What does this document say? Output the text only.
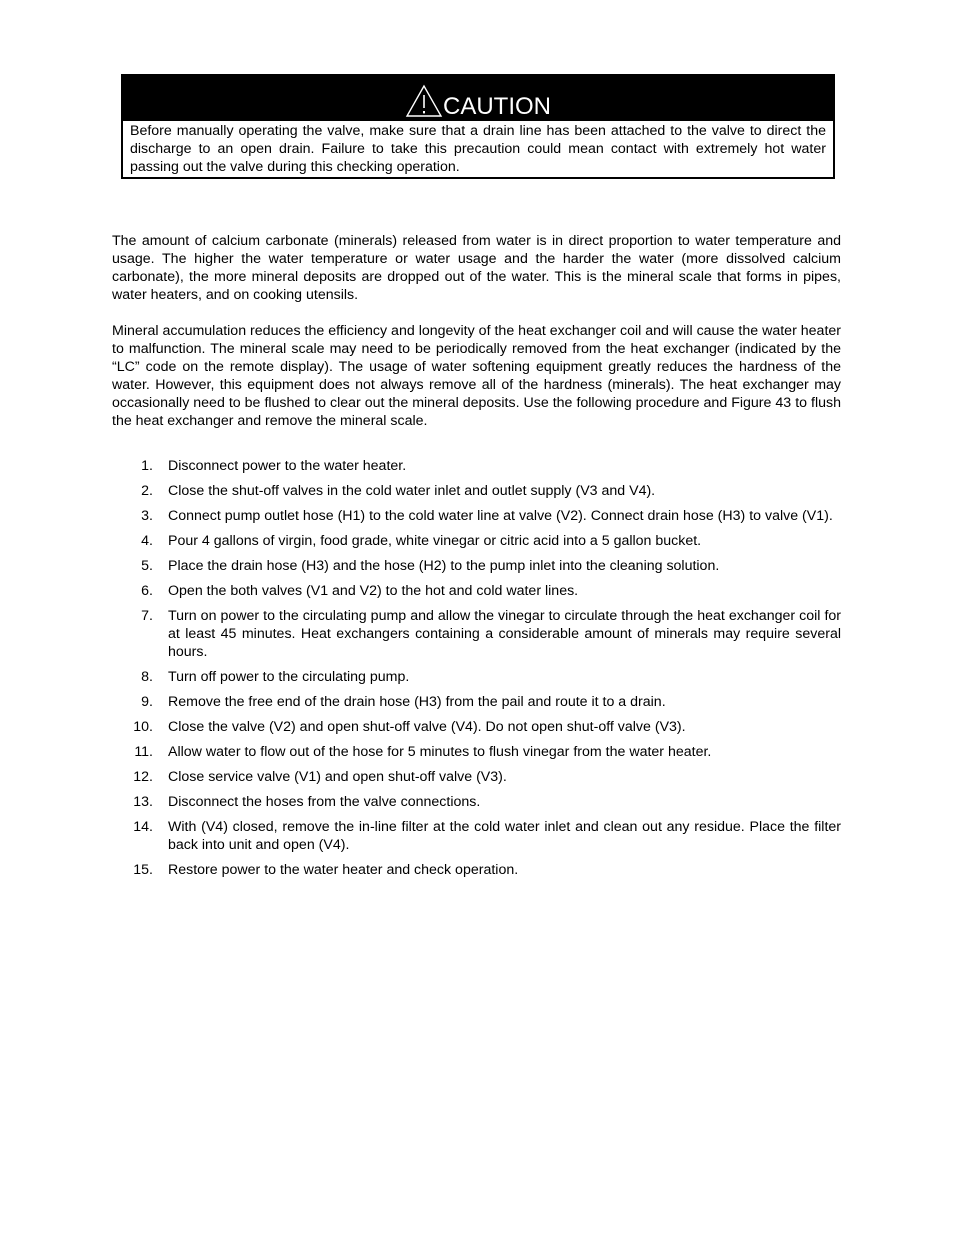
CAUTION
Before manually operating the valve, make sure that a drain line has been attached to the valve to direct the discharge to an open drain. Failure to take this precaution could mean contact with extremely hot water passing out the valve during this checking operation.

The amount of calcium carbonate (minerals) released from water is in direct proportion to water temperature and usage. The higher the water temperature or water usage and the harder the water (more dissolved calcium carbonate), the more mineral deposits are dropped out of the water. This is the mineral scale that forms in pipes, water heaters, and on cooking utensils.

Mineral accumulation reduces the efficiency and longevity of the heat exchanger coil and will cause the water heater to malfunction. The mineral scale may need to be periodically removed from the heat exchanger (indicated by the “LC” code on the remote display). The usage of water softening equipment greatly reduces the hardness of the water. However, this equipment does not always remove all of the hardness (minerals). The heat exchanger may occasionally need to be flushed to clear out the mineral deposits. Use the following procedure and Figure 43 to flush the heat exchanger and remove the mineral scale.

1. Disconnect power to the water heater.
2. Close the shut-off valves in the cold water inlet and outlet supply (V3 and V4).
3. Connect pump outlet hose (H1) to the cold water line at valve (V2). Connect drain hose (H3) to valve (V1).
4. Pour 4 gallons of virgin, food grade, white vinegar or citric acid into a 5 gallon bucket.
5. Place the drain hose (H3) and the hose (H2) to the pump inlet into the cleaning solution.
6. Open the both valves (V1 and V2) to the hot and cold water lines.
7. Turn on power to the circulating pump and allow the vinegar to circulate through the heat exchanger coil for at least 45 minutes. Heat exchangers containing a considerable amount of minerals may require several hours.
8. Turn off power to the circulating pump.
9. Remove the free end of the drain hose (H3) from the pail and route it to a drain.
10. Close the valve (V2) and open shut-off valve (V4). Do not open shut-off valve (V3).
11. Allow water to flow out of the hose for 5 minutes to flush vinegar from the water heater.
12. Close service valve (V1) and open shut-off valve (V3).
13. Disconnect the hoses from the valve connections.
14. With (V4) closed, remove the in-line filter at the cold water inlet and clean out any residue. Place the filter back into unit and open (V4).
15. Restore power to the water heater and check operation.
